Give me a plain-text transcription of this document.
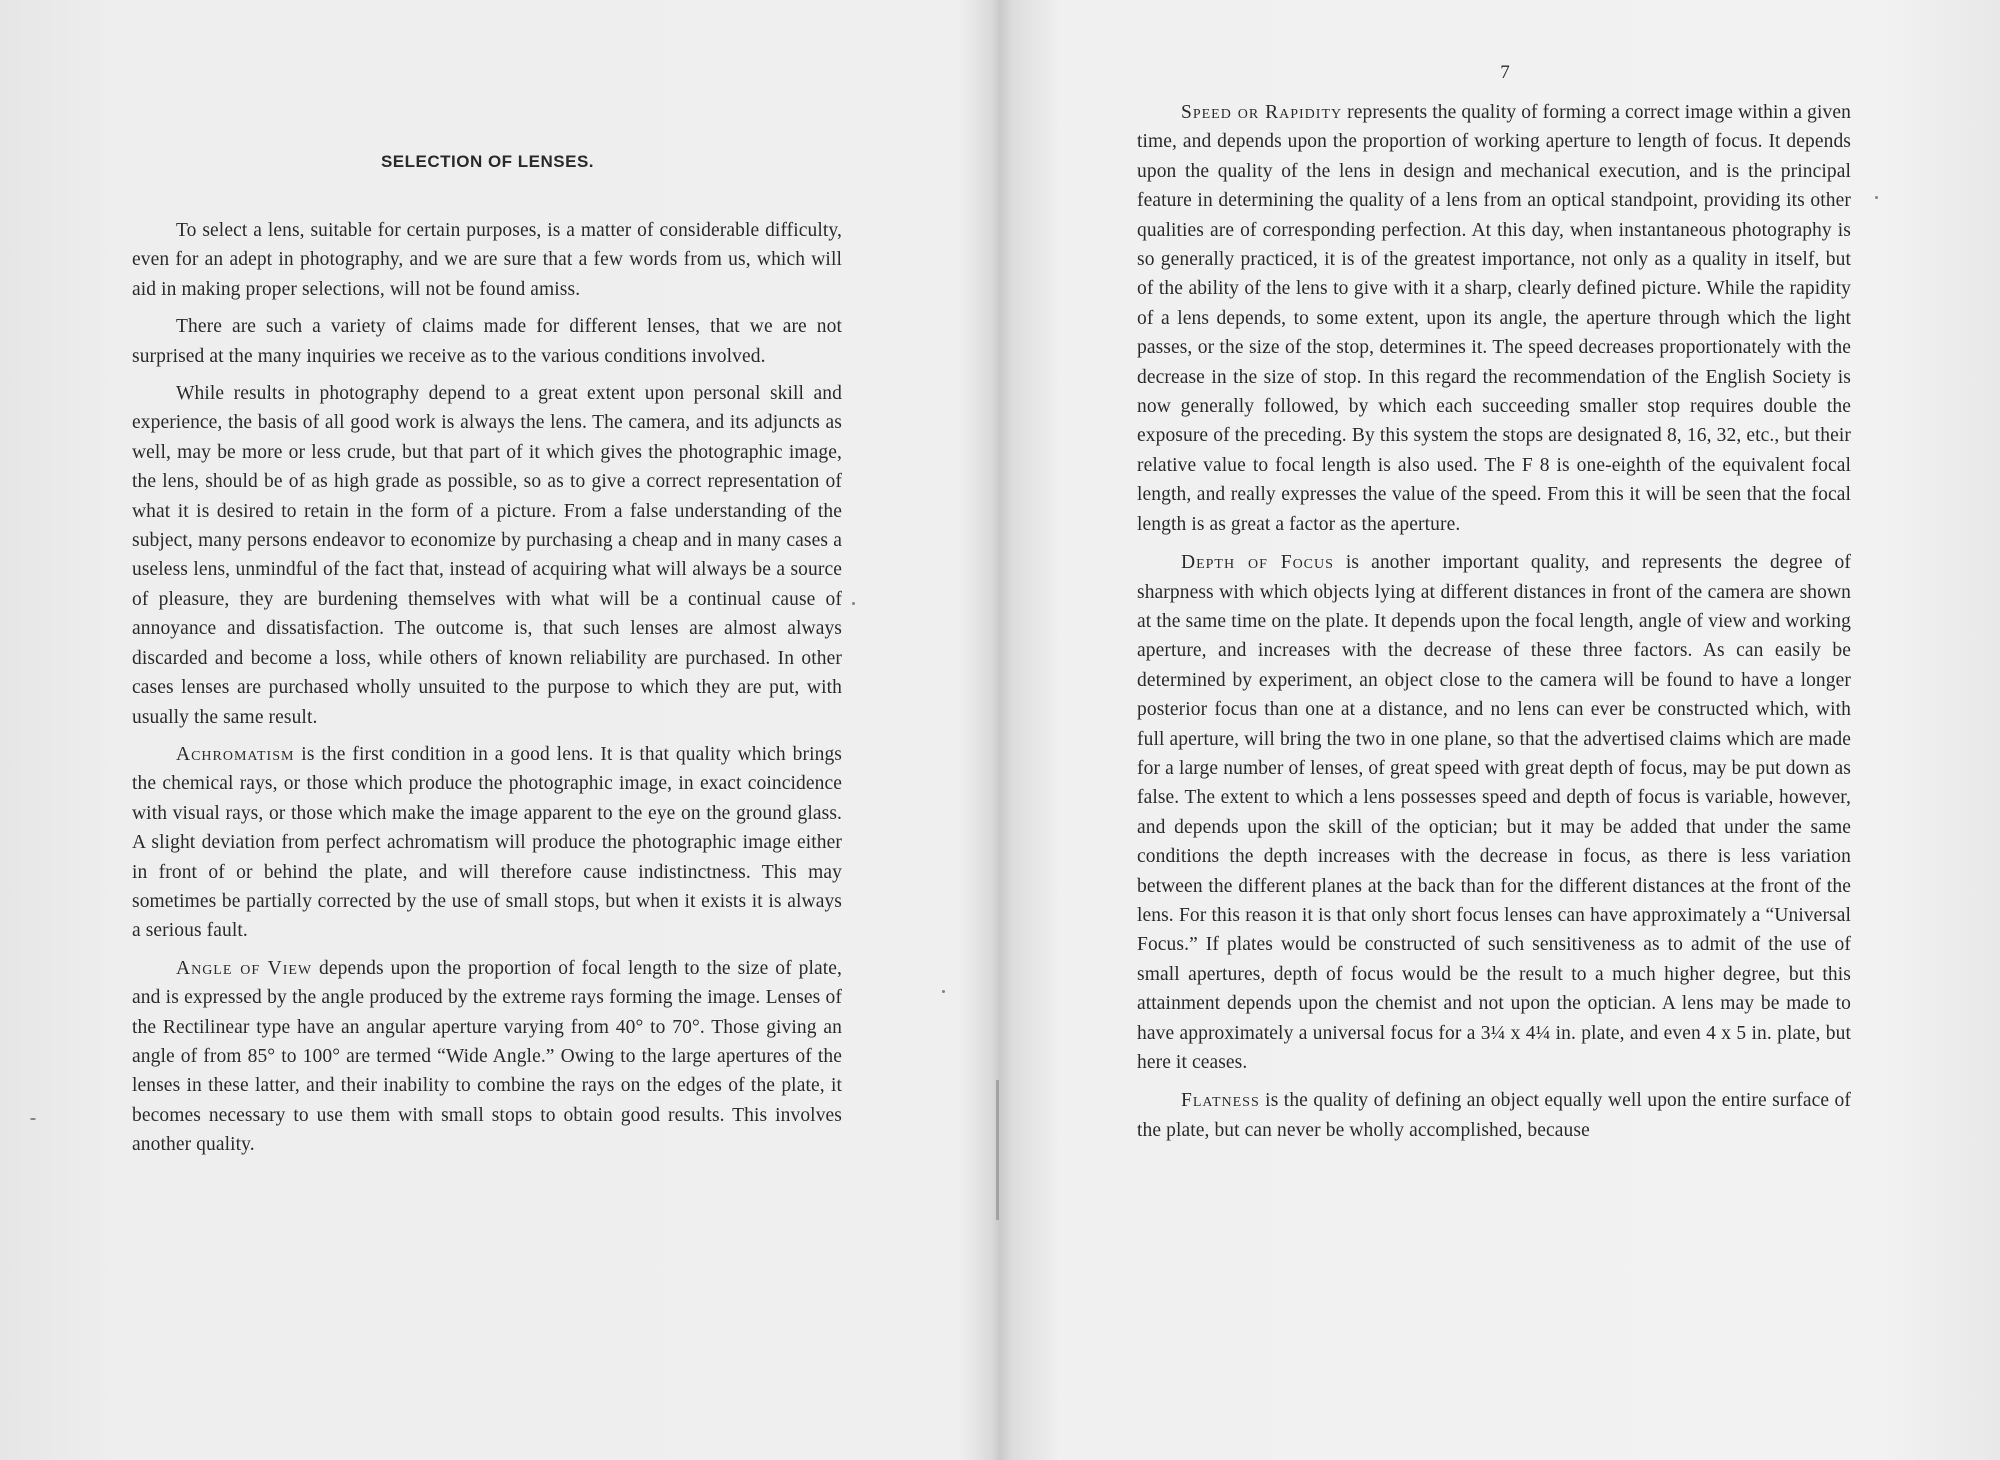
SELECTION OF LENSES.

To select a lens, suitable for certain purposes, is a matter of considerable difficulty, even for an adept in photography, and we are sure that a few words from us, which will aid in making proper selections, will not be found amiss.

There are such a variety of claims made for different lenses, that we are not surprised at the many inquiries we receive as to the various conditions involved.

While results in photography depend to a great extent upon personal skill and experience, the basis of all good work is always the lens. The camera, and its adjuncts as well, may be more or less crude, but that part of it which gives the photographic image, the lens, should be of as high grade as possible, so as to give a correct representation of what it is desired to retain in the form of a picture. From a false understanding of the subject, many persons endeavor to economize by purchasing a cheap and in many cases a useless lens, unmindful of the fact that, instead of acquiring what will always be a source of pleasure, they are burdening themselves with what will be a continual cause of annoyance and dissatisfaction. The outcome is, that such lenses are almost always discarded and become a loss, while others of known reliability are purchased. In other cases lenses are purchased wholly unsuited to the purpose to which they are put, with usually the same result.

Achromatism is the first condition in a good lens. It is that quality which brings the chemical rays, or those which produce the photographic image, in exact coincidence with visual rays, or those which make the image apparent to the eye on the ground glass. A slight deviation from perfect achromatism will produce the photographic image either in front of or behind the plate, and will therefore cause indistinctness. This may sometimes be partially corrected by the use of small stops, but when it exists it is always a serious fault.

Angle of View depends upon the proportion of focal length to the size of plate, and is expressed by the angle produced by the extreme rays forming the image. Lenses of the Rectilinear type have an angular aperture varying from 40° to 70°. Those giving an angle of from 85° to 100° are termed “Wide Angle.” Owing to the large apertures of the lenses in these latter, and their inability to combine the rays on the edges of the plate, it becomes necessary to use them with small stops to obtain good results. This involves another quality.

7

Speed or Rapidity represents the quality of forming a correct image within a given time, and depends upon the proportion of working aperture to length of focus. It depends upon the quality of the lens in design and mechanical execution, and is the principal feature in determining the quality of a lens from an optical standpoint, providing its other qualities are of corresponding perfection. At this day, when instantaneous photography is so generally practiced, it is of the greatest importance, not only as a quality in itself, but of the ability of the lens to give with it a sharp, clearly defined picture. While the rapidity of a lens depends, to some extent, upon its angle, the aperture through which the light passes, or the size of the stop, determines it. The speed decreases proportionately with the decrease in the size of stop. In this regard the recommendation of the English Society is now generally followed, by which each succeeding smaller stop requires double the exposure of the preceding. By this system the stops are designated 8, 16, 32, etc., but their relative value to focal length is also used. The F 8 is one-eighth of the equivalent focal length, and really expresses the value of the speed. From this it will be seen that the focal length is as great a factor as the aperture.

Depth of Focus is another important quality, and represents the degree of sharpness with which objects lying at different distances in front of the camera are shown at the same time on the plate. It depends upon the focal length, angle of view and working aperture, and increases with the decrease of these three factors. As can easily be determined by experiment, an object close to the camera will be found to have a longer posterior focus than one at a distance, and no lens can ever be constructed which, with full aperture, will bring the two in one plane, so that the advertised claims which are made for a large number of lenses, of great speed with great depth of focus, may be put down as false. The extent to which a lens possesses speed and depth of focus is variable, however, and depends upon the skill of the optician; but it may be added that under the same conditions the depth increases with the decrease in focus, as there is less variation between the different planes at the back than for the different distances at the front of the lens. For this reason it is that only short focus lenses can have approximately a “Universal Focus.” If plates would be constructed of such sensitiveness as to admit of the use of small apertures, depth of focus would be the result to a much higher degree, but this attainment depends upon the chemist and not upon the optician. A lens may be made to have approximately a universal focus for a 3¼ x 4¼ in. plate, and even 4 x 5 in. plate, but here it ceases.

Flatness is the quality of defining an object equally well upon the entire surface of the plate, but can never be wholly accomplished, because
